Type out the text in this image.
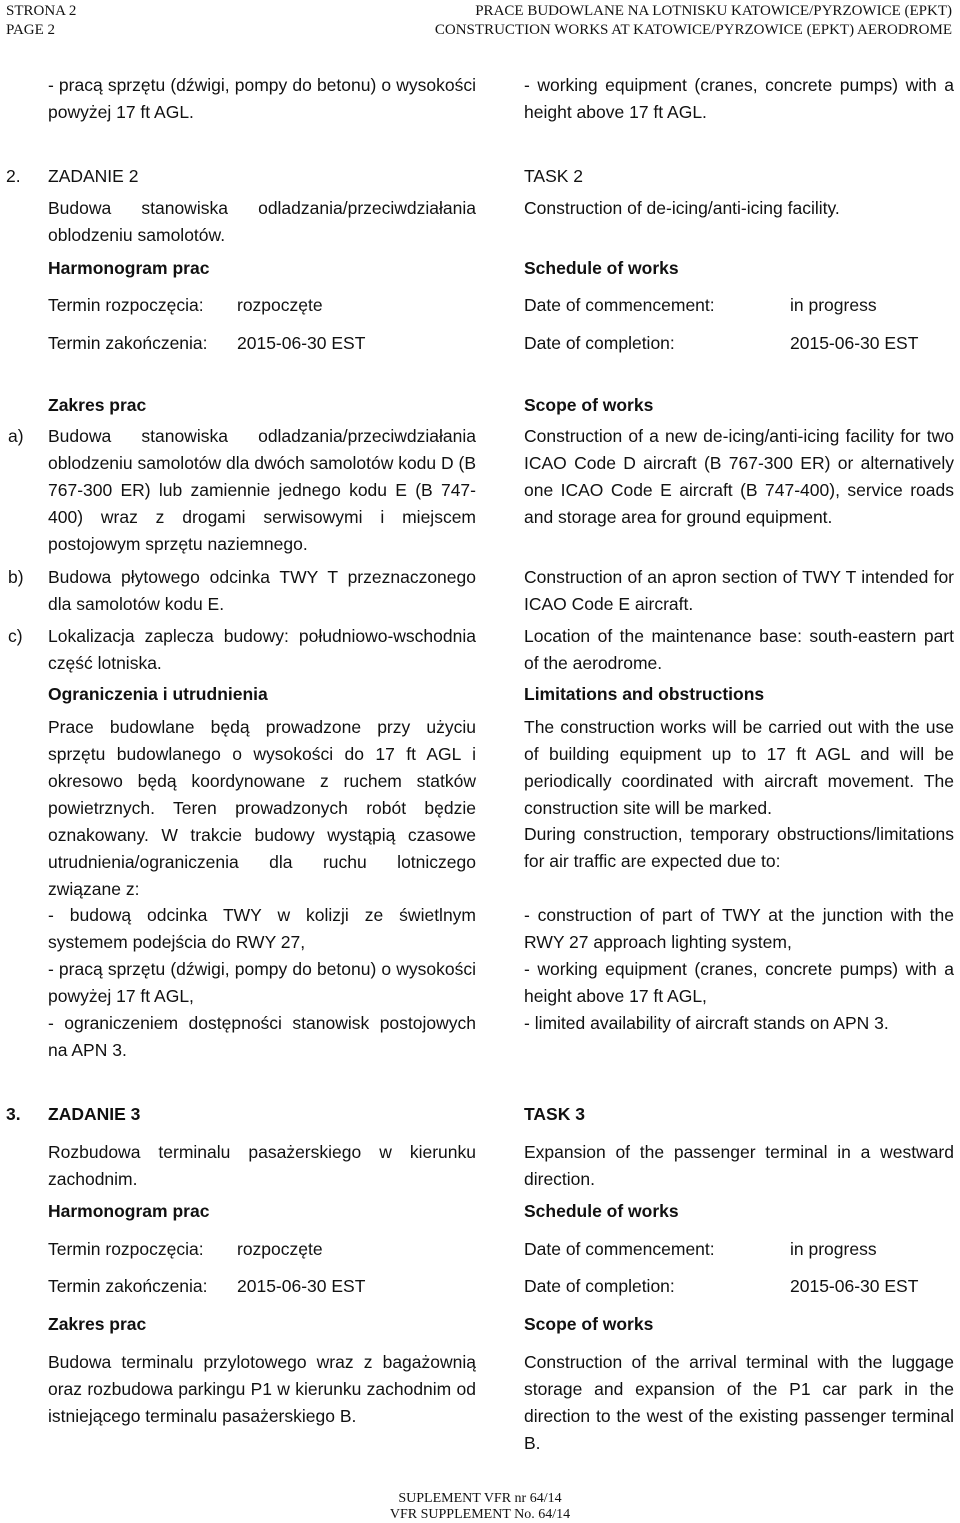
STRONA 2
PAGE 2
PRACE BUDOWLANE NA LOTNISKU KATOWICE/PYRZOWICE (EPKT)
CONSTRUCTION WORKS AT KATOWICE/PYRZOWICE (EPKT) AERODROME
- pracą sprzętu (dźwigi, pompy do betonu) o wysokości powyżej 17 ft AGL.
- working equipment (cranes, concrete pumps) with a height above 17 ft AGL.
2. ZADANIE 2	TASK 2
Budowa stanowiska odladzania/przeciwdziałania oblodzeniu samolotów.
Construction of de-icing/anti-icing facility.
Harmonogram prac	Schedule of works
Termin rozpoczęcia: rozpoczęte	Date of commencement:	in progress
Termin zakończenia: 2015-06-30 EST	Date of completion:	2015-06-30 EST
Zakres prac	Scope of works
a) Budowa stanowiska odladzania/przeciwdziałania oblodzeniu samolotów dla dwóch samolotów kodu D (B 767-300 ER) lub zamiennie jednego kodu E (B 747-400) wraz z drogami serwisowymi i miejscem postojowym sprzętu naziemnego.
Construction of a new de-icing/anti-icing facility for two ICAO Code D aircraft (B 767-300 ER) or alternatively one ICAO Code E aircraft (B 747-400), service roads and storage area for ground equipment.
b) Budowa płytowego odcinka TWY T przeznaczonego dla samolotów kodu E.
Construction of an apron section of TWY T intended for ICAO Code E aircraft.
c) Lokalizacja zaplecza budowy: południowo-wschodnia część lotniska.
Location of the maintenance base: south-eastern part of the aerodrome.
Ograniczenia i utrudnienia	Limitations and obstructions
Prace budowlane będą prowadzone przy użyciu sprzętu budowlanego o wysokości do 17 ft AGL i okresowo będą koordynowane z ruchem statków powietrznych. Teren prowadzonych robót będzie oznakowany. W trakcie budowy wystąpią czasowe utrudnienia/ograniczenia dla ruchu lotniczego związane z:
The construction works will be carried out with the use of building equipment up to 17 ft AGL and will be periodically coordinated with aircraft movement. The construction site will be marked.
During construction, temporary obstructions/limitations for air traffic are expected due to:
- budową odcinka TWY w kolizji ze świetlnym systemem podejścia do RWY 27,
- pracą sprzętu (dźwigi, pompy do betonu) o wysokości powyżej 17 ft AGL,
- ograniczeniem dostępności stanowisk postojowych na APN 3.
- construction of part of TWY at the junction with the RWY 27 approach lighting system,
- working equipment (cranes, concrete pumps) with a height above 17 ft AGL,
- limited availability of aircraft stands on APN 3.
3. ZADANIE 3	TASK 3
Rozbudowa terminalu pasażerskiego w kierunku zachodnim.
Expansion of the passenger terminal in a westward direction.
Harmonogram prac	Schedule of works
Termin rozpoczęcia: rozpoczęte	Date of commencement:	in progress
Termin zakończenia: 2015-06-30 EST	Date of completion:	2015-06-30 EST
Zakres prac	Scope of works
Budowa terminalu przylotowego wraz z bagażownią oraz rozbudowa parkingu P1 w kierunku zachodnim od istniejącego terminalu pasażerskiego B.
Construction of the arrival terminal with the luggage storage and expansion of the P1 car park in the direction to the west of the existing passenger terminal B.
SUPLEMENT VFR nr 64/14
VFR SUPPLEMENT No. 64/14
